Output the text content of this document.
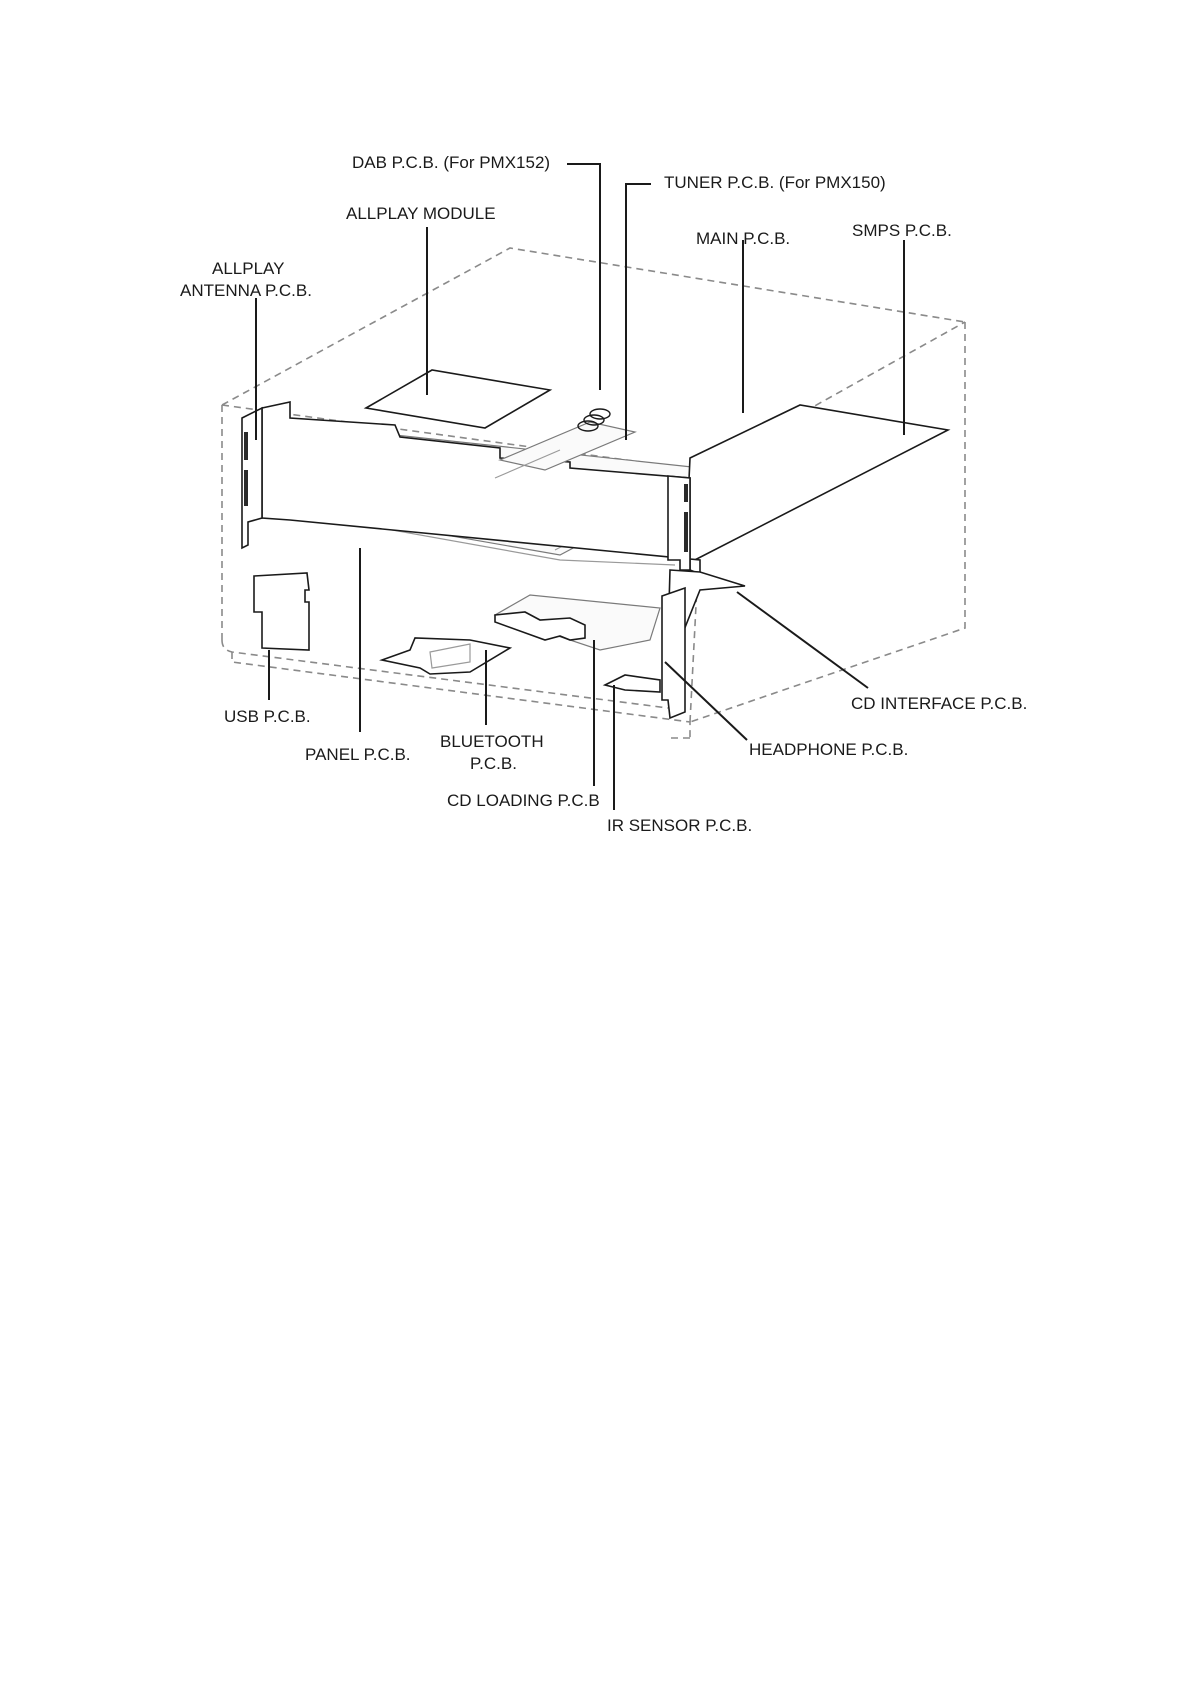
DAB P.C.B. (For PMX152)
TUNER P.C.B. (For PMX150)
ALLPLAY MODULE
MAIN P.C.B.	SMPS P.C.B.
ALLPLAY
ANTENNA P.C.B.
USB P.C.B.
PANEL P.C.B.
BLUETOOTH
P.C.B.
CD LOADING P.C.B
IR SENSOR P.C.B.
HEADPHONE P.C.B.
CD INTERFACE P.C.B.
